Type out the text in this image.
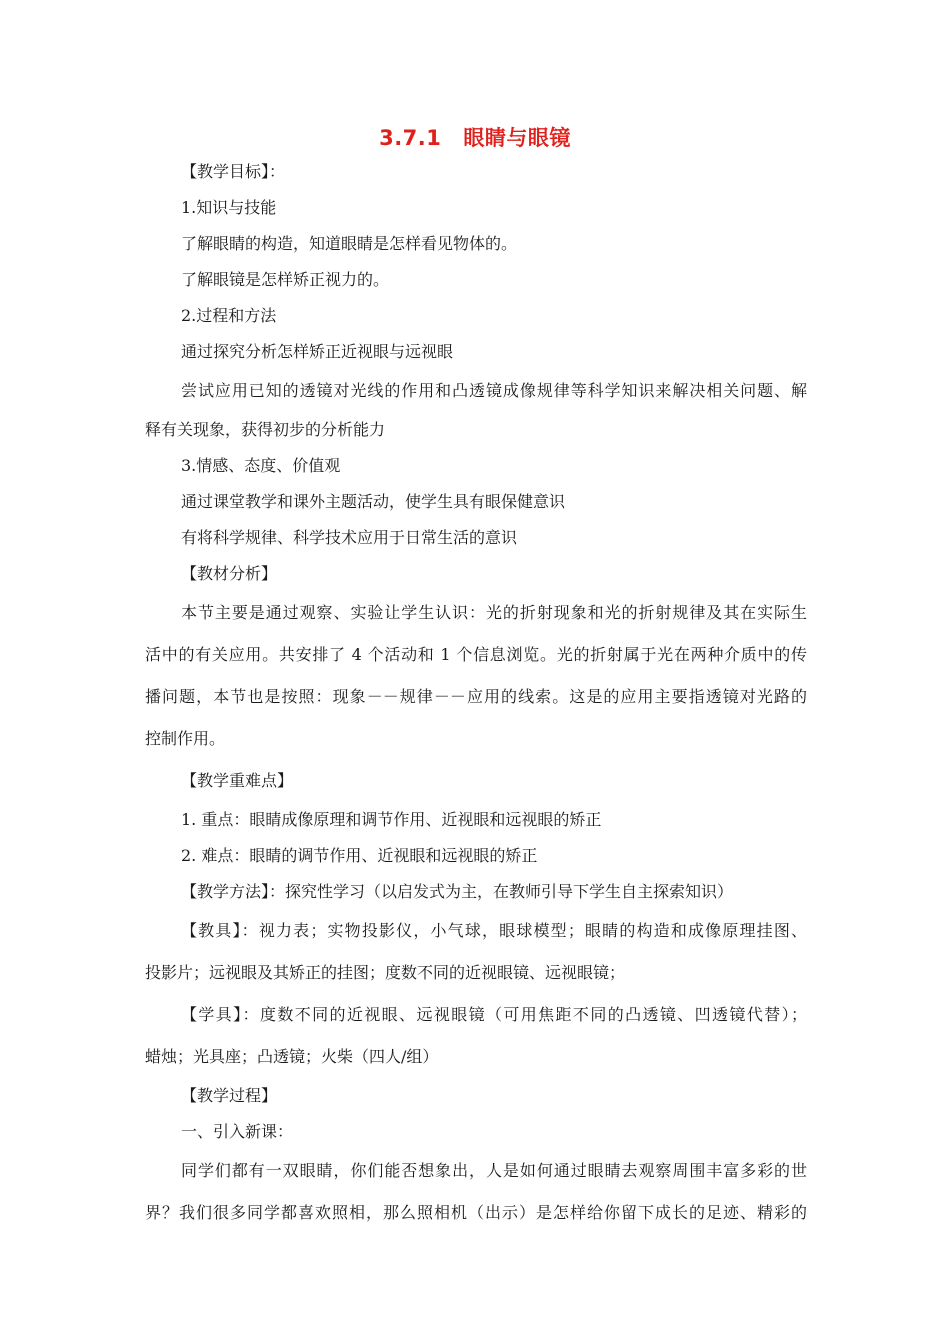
3.7.1 眼睛与眼镜
【教学目标】：
1.知识与技能
了解眼睛的构造，知道眼睛是怎样看见物体的。
了解眼镜是怎样矫正视力的。
2.过程和方法
通过探究分析怎样矫正近视眼与远视眼
尝试应用已知的透镜对光线的作用和凸透镜成像规律等科学知识来解决相关问题、解
释有关现象，获得初步的分析能力
3.情感、态度、价值观
通过课堂教学和课外主题活动，使学生具有眼保健意识
有将科学规律、科学技术应用于日常生活的意识
【教材分析】
本节主要是通过观察、实验让学生认识：光的折射现象和光的折射规律及其在实际生
活中的有关应用。共安排了 4 个活动和 1 个信息浏览。光的折射属于光在两种介质中的传
播问题，本节也是按照：现象－－规律－－应用的线索。这是的应用主要指透镜对光路的
控制作用。
【教学重难点】
1. 重点：眼睛成像原理和调节作用、近视眼和远视眼的矫正
2. 难点：眼睛的调节作用、近视眼和远视眼的矫正
【教学方法】：探究性学习（以启发式为主，在教师引导下学生自主探索知识）
【教具】：视力表；实物投影仪，小气球，眼球模型；眼睛的构造和成像原理挂图、
投影片；远视眼及其矫正的挂图；度数不同的近视眼镜、远视眼镜；
【学具】：度数不同的近视眼、远视眼镜（可用焦距不同的凸透镜、凹透镜代替）；
蜡烛；光具座；凸透镜；火柴（四人/组）
【教学过程】
一、引入新课：
同学们都有一双眼睛，你们能否想象出，人是如何通过眼睛去观察周围丰富多彩的世
界？我们很多同学都喜欢照相，那么照相机（出示）是怎样给你留下成长的足迹、精彩的
